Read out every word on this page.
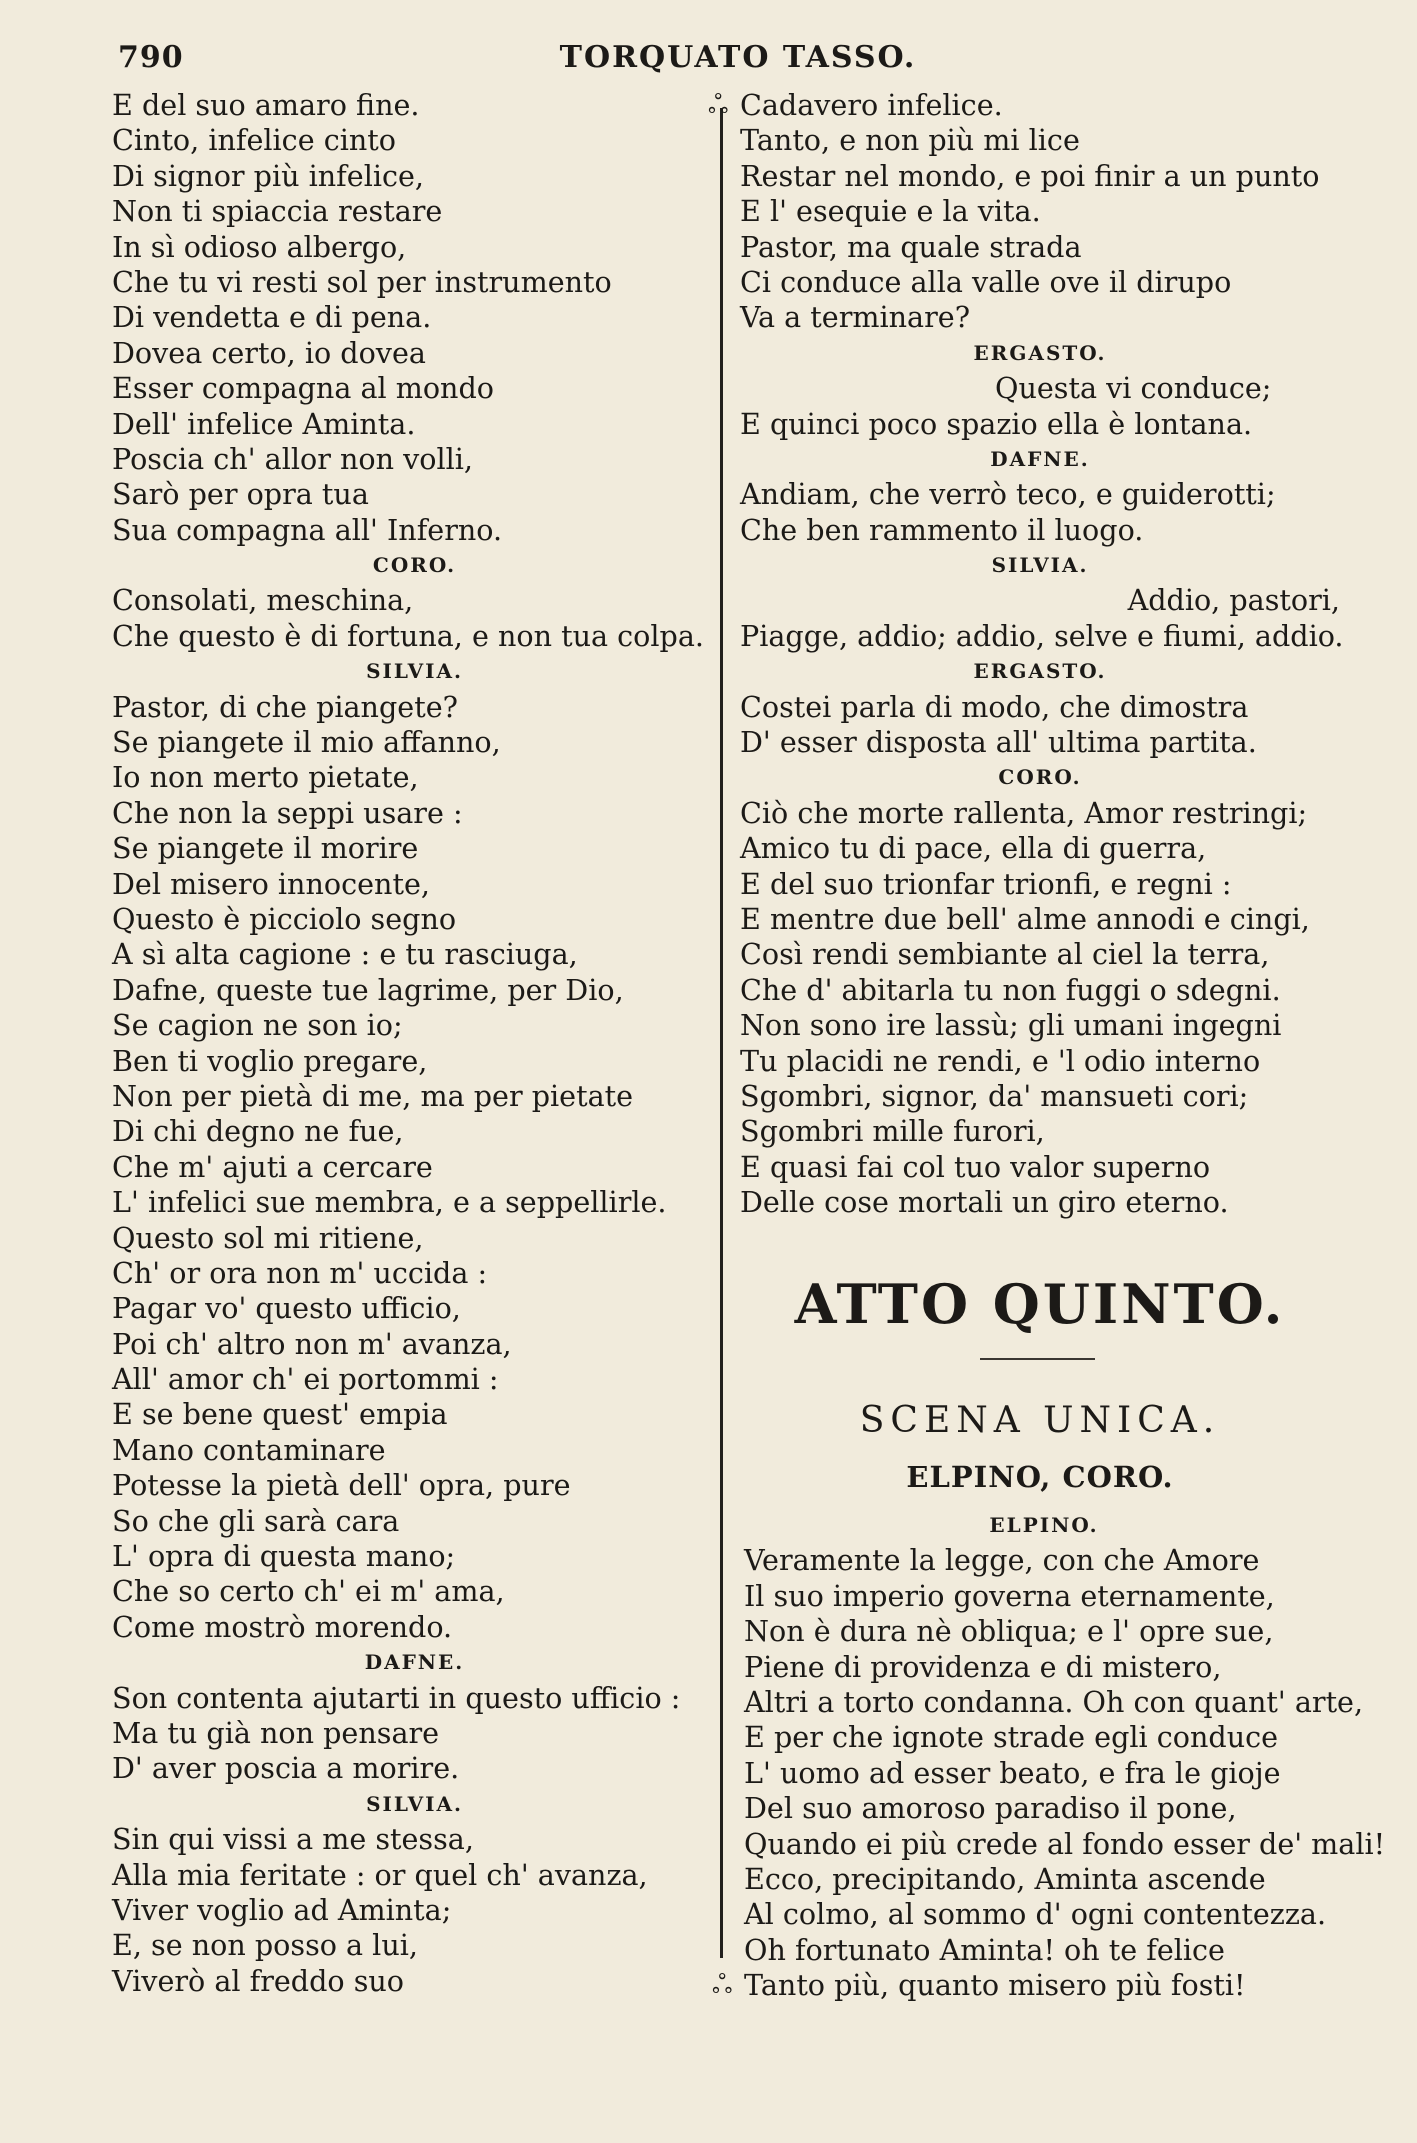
790	TORQUATO TASSO.
E del suo amaro fine.
Cinto, infelice cinto
Di signor più infelice,
Non ti spiaccia restare
In sì odioso albergo,
Che tu vi resti sol per instrumento
Di vendetta e di pena.
Dovea certo, io dovea
Esser compagna al mondo
Dell' infelice Aminta.
Poscia ch' allor non volli,
Sarò per opra tua
Sua compagna all' Inferno.
CORO.
Consolati, meschina,
Che questo è di fortuna, e non tua colpa.
SILVIA.
Pastor, di che piangete?
Se piangete il mio affanno,
Io non merto pietate,
Che non la seppi usare :
Se piangete il morire
Del misero innocente,
Questo è picciolo segno
A sì alta cagione : e tu rasciuga,
Dafne, queste tue lagrime, per Dio,
Se cagion ne son io;
Ben ti voglio pregare,
Non per pietà di me, ma per pietate
Di chi degno ne fue,
Che m' ajuti a cercare
L' infelici sue membra, e a seppellirle.
Questo sol mi ritiene,
Ch' or ora non m' uccida :
Pagar vo' questo ufficio,
Poi ch' altro non m' avanza,
All' amor ch' ei portommi :
E se bene quest' empia
Mano contaminare
Potesse la pietà dell' opra, pure
So che gli sarà cara
L' opra di questa mano;
Che so certo ch' ei m' ama,
Come mostrò morendo.
DAFNE.
Son contenta ajutarti in questo ufficio :
Ma tu già non pensare
D' aver poscia a morire.
SILVIA.
Sin qui vissi a me stessa,
Alla mia feritate : or quel ch' avanza,
Viver voglio ad Aminta;
E, se non posso a lui,
Viverò al freddo suo
ஃ Cadavero infelice.
Tanto, e non più mi lice
Restar nel mondo, e poi finir a un punto
E l' esequie e la vita.
Pastor, ma quale strada
Ci conduce alla valle ove il dirupo
Va a terminare?
ERGASTO.
Questa vi conduce;
E quinci poco spazio ella è lontana.
DAFNE.
Andiam, che verrò teco, e guiderotti;
Che ben rammento il luogo.
SILVIA.
Addio, pastori,
Piagge, addio; addio, selve e fiumi, addio.
ERGASTO.
Costei parla di modo, che dimostra
D' esser disposta all' ultima partita.
CORO.
Ciò che morte rallenta, Amor restringi;
Amico tu di pace, ella di guerra,
E del suo trionfar trionfi, e regni :
E mentre due bell' alme annodi e cingi,
Così rendi sembiante al ciel la terra,
Che d' abitarla tu non fuggi o sdegni.
Non sono ire lassù; gli umani ingegni
Tu placidi ne rendi, e 'l odio interno
Sgombri, signor, da' mansueti cori;
Sgombri mille furori,
E quasi fai col tuo valor superno
Delle cose mortali un giro eterno.
ATTO QUINTO.
SCENA UNICA.
ELPINO, CORO.
ELPINO.
Veramente la legge, con che Amore
Il suo imperio governa eternamente,
Non è dura nè obliqua; e l' opre sue,
Piene di providenza e di mistero,
Altri a torto condanna. Oh con quant' arte,
E per che ignote strade egli conduce
L' uomo ad esser beato, e fra le gioje
Del suo amoroso paradiso il pone,
Quando ei più crede al fondo esser de' mali!
Ecco, precipitando, Aminta ascende
Al colmo, al sommo d' ogni contentezza.
Oh fortunato Aminta! oh te felice
ஃ Tanto più, quanto misero più fosti!
